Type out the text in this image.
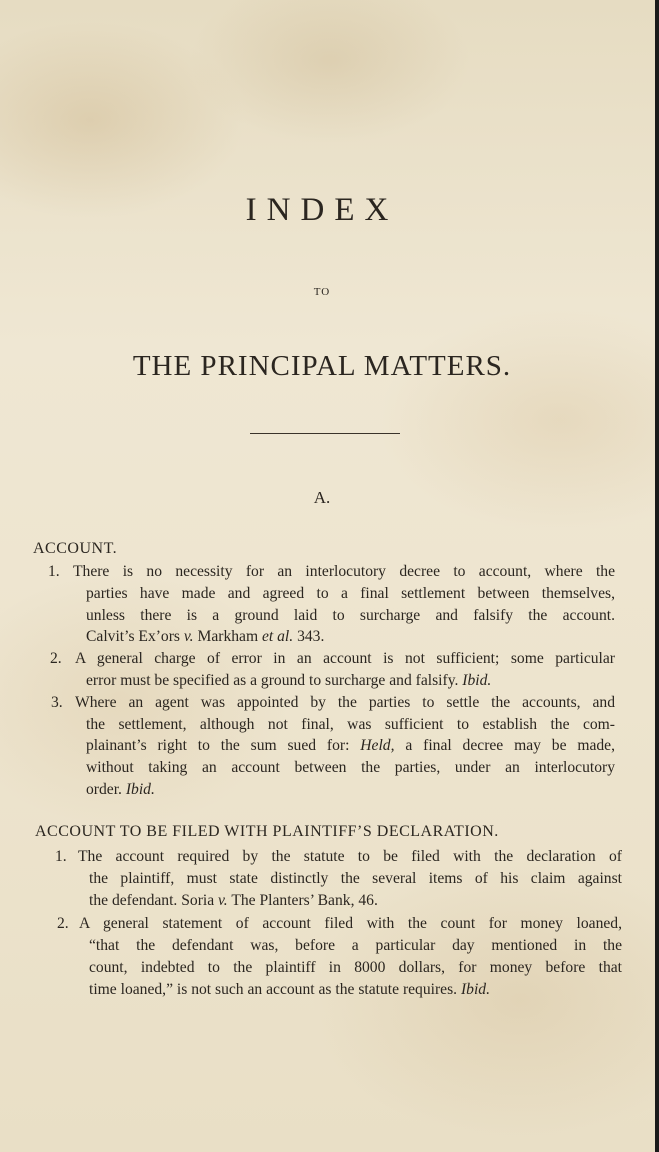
INDEX
TO
THE PRINCIPAL MATTERS.
A.
ACCOUNT.
1. There is no necessity for an interlocutory decree to account, where the
parties have made and agreed to a final settlement between themselves,
unless there is a ground laid to surcharge and falsify the account.
Calvit’s Ex’ors v. Markham et al. 343.
2. A general charge of error in an account is not sufficient; some particular
error must be specified as a ground to surcharge and falsify. Ibid.
3. Where an agent was appointed by the parties to settle the accounts, and
the settlement, although not final, was sufficient to establish the com-
plainant’s right to the sum sued for: Held, a final decree may be made,
without taking an account between the parties, under an interlocutory
order. Ibid.
ACCOUNT TO BE FILED WITH PLAINTIFF’S DECLARATION.
1. The account required by the statute to be filed with the declaration of
the plaintiff, must state distinctly the several items of his claim against
the defendant. Soria v. The Planters’ Bank, 46.
2. A general statement of account filed with the count for money loaned,
“that the defendant was, before a particular day mentioned in the
count, indebted to the plaintiff in 8000 dollars, for money before that
time loaned,” is not such an account as the statute requires. Ibid.
